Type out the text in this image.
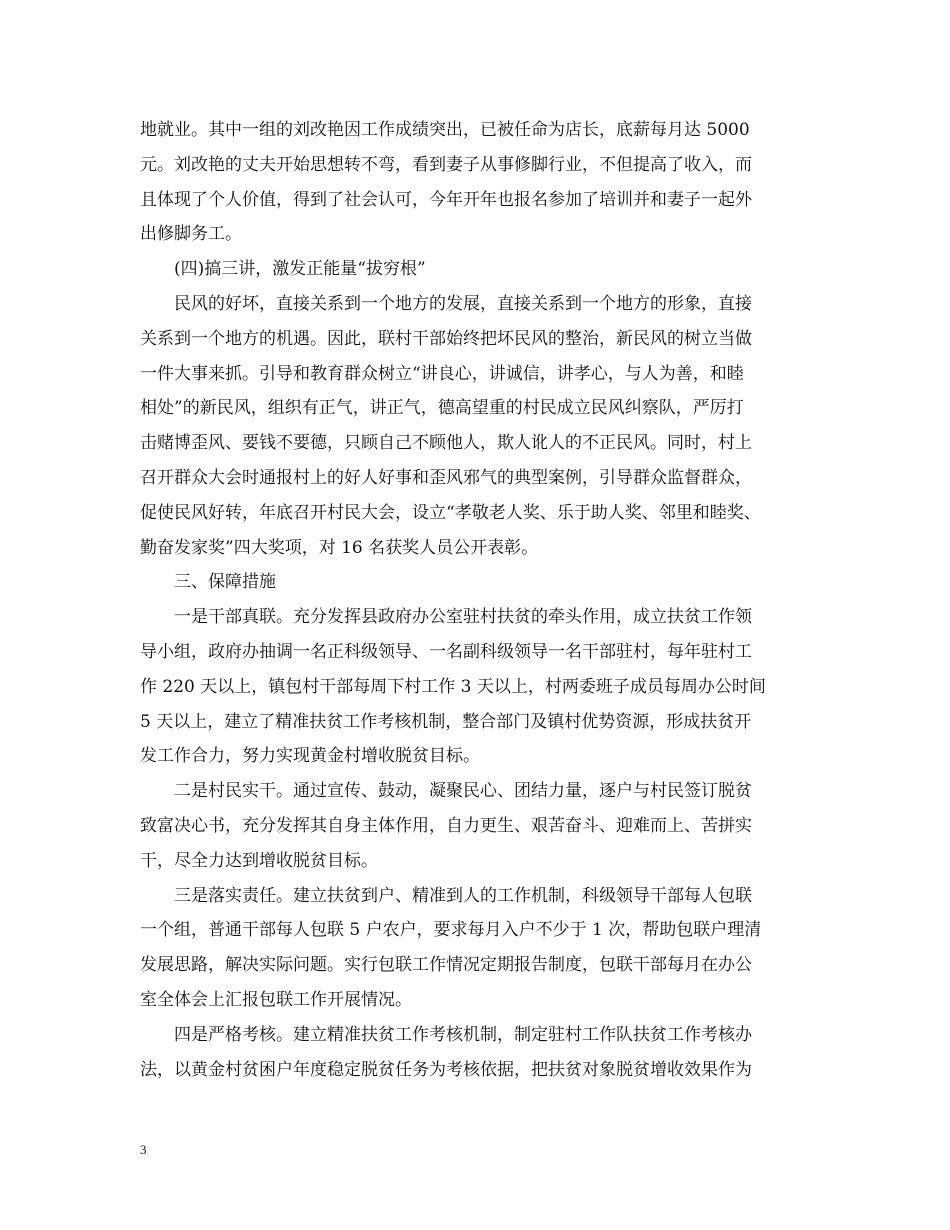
地就业。其中一组的刘改艳因工作成绩突出，已被任命为店长，底薪每月达 5000
元。刘改艳的丈夫开始思想转不弯，看到妻子从事修脚行业，不但提高了收入，而
且体现了个人价值，得到了社会认可，今年开年也报名参加了培训并和妻子一起外
出修脚务工。
(四)搞三讲，激发正能量“拔穷根”
民风的好坏，直接关系到一个地方的发展，直接关系到一个地方的形象，直接
关系到一个地方的机遇。因此，联村干部始终把坏民风的整治，新民风的树立当做
一件大事来抓。引导和教育群众树立“讲良心，讲诚信，讲孝心，与人为善，和睦
相处”的新民风，组织有正气，讲正气，德高望重的村民成立民风纠察队，严厉打
击赌博歪风、要钱不要德，只顾自己不顾他人，欺人讹人的不正民风。同时，村上
召开群众大会时通报村上的好人好事和歪风邪气的典型案例，引导群众监督群众，
促使民风好转，年底召开村民大会，设立“孝敬老人奖、乐于助人奖、邻里和睦奖、
勤奋发家奖”四大奖项，对 16 名获奖人员公开表彰。
三、保障措施
一是干部真联。充分发挥县政府办公室驻村扶贫的牵头作用，成立扶贫工作领
导小组，政府办抽调一名正科级领导、一名副科级领导一名干部驻村，每年驻村工
作 220 天以上，镇包村干部每周下村工作 3 天以上，村两委班子成员每周办公时间
5 天以上，建立了精准扶贫工作考核机制，整合部门及镇村优势资源，形成扶贫开
发工作合力，努力实现黄金村增收脱贫目标。
二是村民实干。通过宣传、鼓动，凝聚民心、团结力量，逐户与村民签订脱贫
致富决心书，充分发挥其自身主体作用，自力更生、艰苦奋斗、迎难而上、苦拼实
干，尽全力达到增收脱贫目标。
三是落实责任。建立扶贫到户、精准到人的工作机制，科级领导干部每人包联
一个组，普通干部每人包联 5 户农户，要求每月入户不少于 1 次，帮助包联户理清
发展思路，解决实际问题。实行包联工作情况定期报告制度，包联干部每月在办公
室全体会上汇报包联工作开展情况。
四是严格考核。建立精准扶贫工作考核机制，制定驻村工作队扶贫工作考核办
法，以黄金村贫困户年度稳定脱贫任务为考核依据，把扶贫对象脱贫增收效果作为
3
